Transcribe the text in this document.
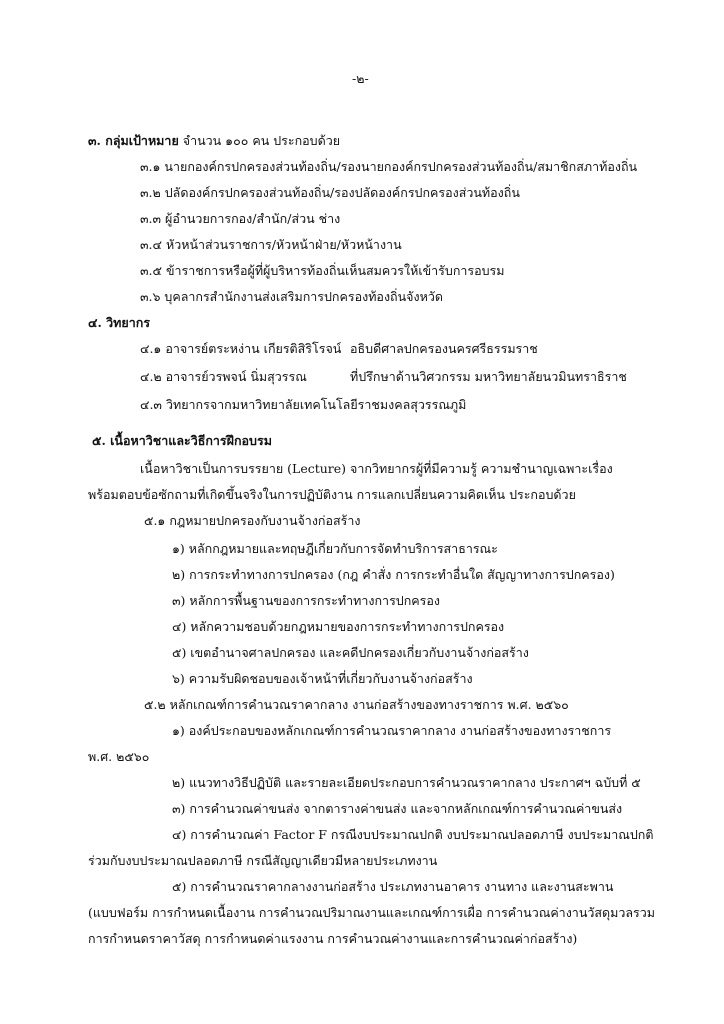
-๒-
๓. กลุ่มเป้าหมาย จำนวน ๑๐๐ คน ประกอบด้วย
๓.๑ นายกองค์กรปกครองส่วนท้องถิ่น/รองนายกองค์กรปกครองส่วนท้องถิ่น/สมาชิกสภาท้องถิ่น
๓.๒ ปลัดองค์กรปกครองส่วนท้องถิ่น/รองปลัดองค์กรปกครองส่วนท้องถิ่น
๓.๓ ผู้อำนวยการกอง/สำนัก/ส่วน ช่าง
๓.๔ หัวหน้าส่วนราชการ/หัวหน้าฝ่าย/หัวหน้างาน
๓.๕ ข้าราชการหรือผู้ที่ผู้บริหารท้องถิ่นเห็นสมควรให้เข้ารับการอบรม
๓.๖ บุคลากรสำนักงานส่งเสริมการปกครองท้องถิ่นจังหวัด
๔. วิทยากร
๔.๑ อาจารย์ตระหง่าน เกียรติสิริโรจน์ อธิบดีศาลปกครองนครศรีธรรมราช
๔.๒ อาจารย์วรพจน์ นิ่มสุวรรณ	ที่ปรึกษาด้านวิศวกรรม มหาวิทยาลัยนวมินทราธิราช
๔.๓ วิทยากรจากมหาวิทยาลัยเทคโนโลยีราชมงคลสุวรรณภูมิ
๕. เนื้อหาวิชาและวิธีการฝึกอบรม
เนื้อหาวิชาเป็นการบรรยาย (Lecture) จากวิทยากรผู้ที่มีความรู้ ความชำนาญเฉพาะเรื่อง
พร้อมตอบข้อซักถามที่เกิดขึ้นจริงในการปฏิบัติงาน การแลกเปลี่ยนความคิดเห็น ประกอบด้วย
๕.๑ กฎหมายปกครองกับงานจ้างก่อสร้าง
๑) หลักกฎหมายและทฤษฎีเกี่ยวกับการจัดทำบริการสาธารณะ
๒) การกระทำทางการปกครอง (กฎ คำสั่ง การกระทำอื่นใด สัญญาทางการปกครอง)
๓) หลักการพื้นฐานของการกระทำทางการปกครอง
๔) หลักความชอบด้วยกฎหมายของการกระทำทางการปกครอง
๕) เขตอำนาจศาลปกครอง และคดีปกครองเกี่ยวกับงานจ้างก่อสร้าง
๖) ความรับผิดชอบของเจ้าหน้าที่เกี่ยวกับงานจ้างก่อสร้าง
๕.๒ หลักเกณฑ์การคำนวณราคากลาง งานก่อสร้างของทางราชการ พ.ศ. ๒๕๖๐
๑) องค์ประกอบของหลักเกณฑ์การคำนวณราคากลาง งานก่อสร้างของทางราชการ
พ.ศ. ๒๕๖๐
๒) แนวทางวิธีปฏิบัติ และรายละเอียดประกอบการคำนวณราคากลาง ประกาศฯ ฉบับที่ ๕
๓) การคำนวณค่าขนส่ง จากตารางค่าขนส่ง และจากหลักเกณฑ์การคำนวณค่าขนส่ง
๔) การคำนวณค่า Factor F กรณีงบประมาณปกติ งบประมาณปลอดภาษี งบประมาณปกติ
ร่วมกับงบประมาณปลอดภาษี กรณีสัญญาเดียวมีหลายประเภทงาน
๕) การคำนวณราคากลางงานก่อสร้าง ประเภทงานอาคาร งานทาง และงานสะพาน
(แบบฟอร์ม การกำหนดเนื้องาน การคำนวณปริมาณงานและเกณฑ์การเผื่อ การคำนวณค่างานวัสดุมวลรวม
การกำหนดราคาวัสดุ การกำหนดค่าแรงงาน การคำนวณค่างานและการคำนวณค่าก่อสร้าง)
